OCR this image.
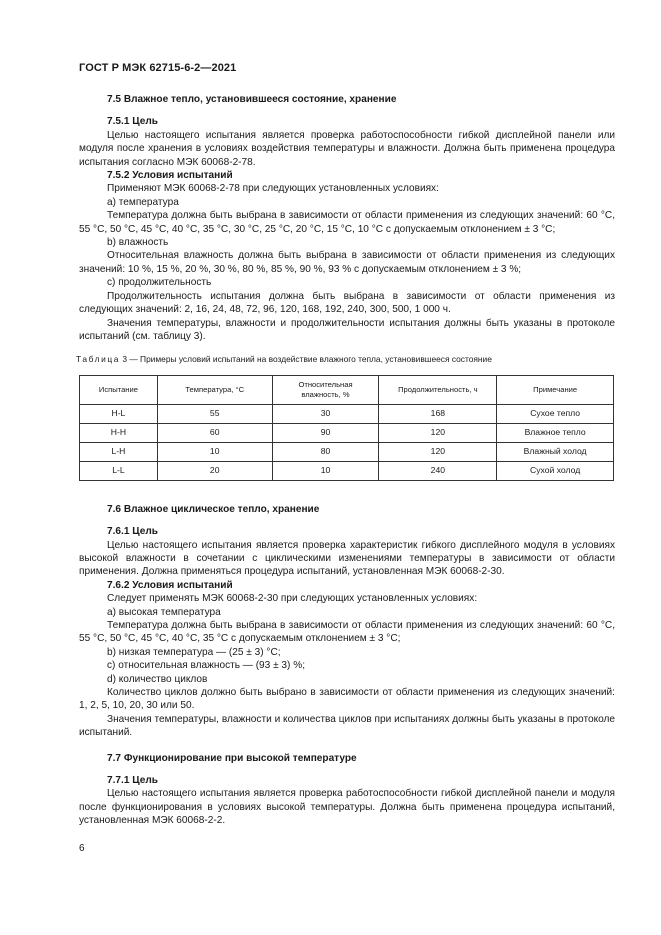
ГОСТ Р МЭК 62715-6-2—2021

7.5 Влажное тепло, установившееся состояние, хранение

7.5.1 Цель

Целью настоящего испытания является проверка работоспособности гибкой дисплейной панели или модуля после хранения в условиях воздействия температуры и влажности. Должна быть применена процедура испытания согласно МЭК 60068-2-78.

7.5.2 Условия испытаний

Применяют МЭК 60068-2-78 при следующих установленных условиях:

a) температура

Температура должна быть выбрана в зависимости от области применения из следующих значений: 60 °С, 55 °С, 50 °С, 45 °С, 40 °С, 35 °С, 30 °С, 25 °С, 20 °С, 15 °С, 10 °С с допускаемым отклонением ± 3 °С;

b) влажность

Относительная влажность должна быть выбрана в зависимости от области применения из следующих значений: 10 %, 15 %, 20 %, 30 %, 80 %, 85 %, 90 %, 93 % с допускаемым отклонением ± 3 %;

c) продолжительность

Продолжительность испытания должна быть выбрана в зависимости от области применения из следующих значений: 2, 16, 24, 48, 72, 96, 120, 168, 192, 240, 300, 500, 1 000 ч.

Значения температуры, влажности и продолжительности испытания должны быть указаны в протоколе испытаний (см. таблицу 3).

Таблица 3 — Примеры условий испытаний на воздействие влажного тепла, установившееся состояние
Испытание	Температура, °С	Относительная влажность, %	Продолжительность, ч	Примечание
H-L	55	30	168	Сухое тепло
H-H	60	90	120	Влажное тепло
L-H	10	80	120	Влажный холод
L-L	20	10	240	Сухой холод

7.6 Влажное циклическое тепло, хранение

7.6.1 Цель

Целью настоящего испытания является проверка характеристик гибкого дисплейного модуля в условиях высокой влажности в сочетании с циклическими изменениями температуры в зависимости от области применения. Должна применяться процедура испытаний, установленная МЭК 60068-2-30.

7.6.2 Условия испытаний

Следует применять МЭК 60068-2-30 при следующих установленных условиях:

a) высокая температура

Температура должна быть выбрана в зависимости от области применения из следующих значений: 60 °С, 55 °С, 50 °С, 45 °С, 40 °С, 35 °С с допускаемым отклонением ± 3 °С;

b) низкая температура — (25 ± 3) °С;

c) относительная влажность — (93 ± 3) %;

d) количество циклов

Количество циклов должно быть выбрано в зависимости от области применения из следующих значений: 1, 2, 5, 10, 20, 30 или 50.

Значения температуры, влажности и количества циклов при испытаниях должны быть указаны в протоколе испытаний.

7.7 Функционирование при высокой температуре

7.7.1 Цель

Целью настоящего испытания является проверка работоспособности гибкой дисплейной панели и модуля после функционирования в условиях высокой температуры. Должна быть применена процедура испытаний, установленная МЭК 60068-2-2.

6
